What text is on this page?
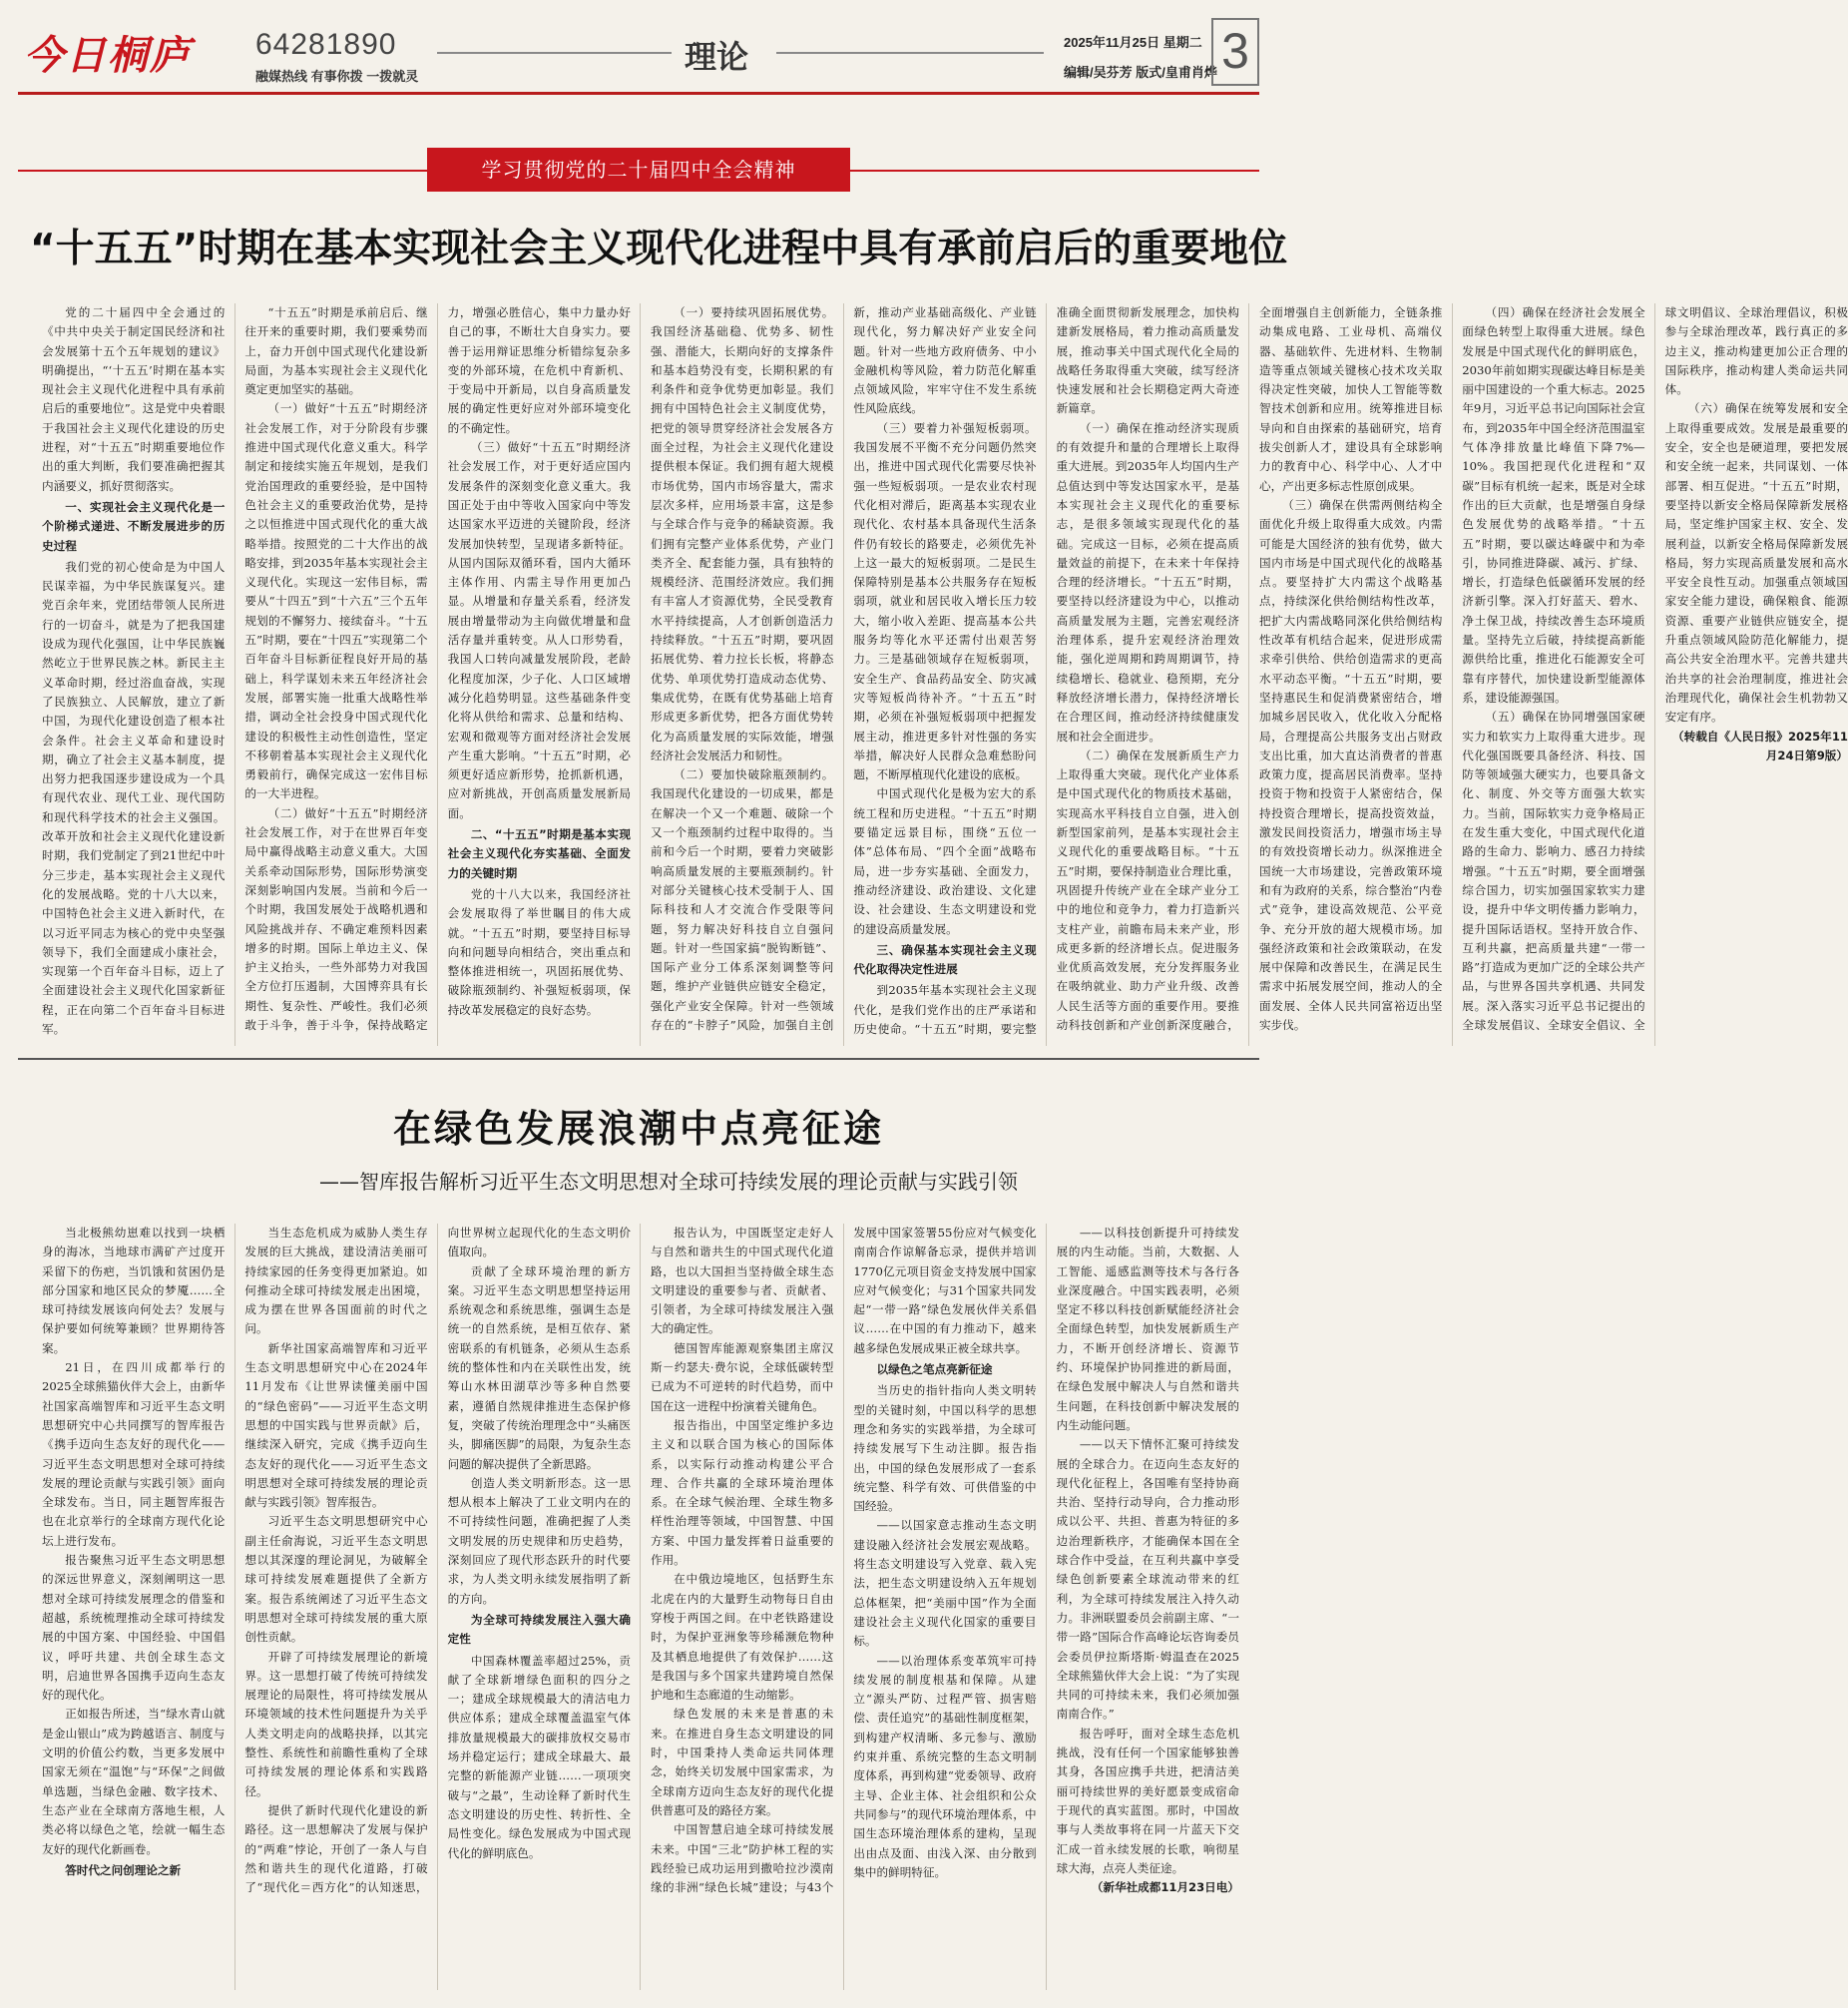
今日桐庐 64281890
融媒热线 有事你拨 一拨就灵
理论	2025年11月25日 星期二
编辑/吴芬芳 版式/皇甫肖烨 3
学习贯彻党的二十届四中全会精神
“十五五”时期在基本实现社会主义现代化进程中具有承前启后的重要地位

党的二十届四中全会通过的《中共中央关于制定国民经济和社会发展第十五个五年规划的建议》明确提出，“‘十五五’时期在基本实现社会主义现代化进程中具有承前启后的重要地位”。这是党中央着眼于我国社会主义现代化建设的历史进程，对“十五五”时期重要地位作出的重大判断，我们要准确把握其内涵要义，抓好贯彻落实。

一、实现社会主义现代化是一个阶梯式递进、不断发展进步的历史过程

我们党的初心使命是为中国人民谋幸福，为中华民族谋复兴。建党百余年来，党团结带领人民所进行的一切奋斗，就是为了把我国建设成为现代化强国，让中华民族巍然屹立于世界民族之林。新民主主义革命时期，经过浴血奋战，实现了民族独立、人民解放，建立了新中国，为现代化建设创造了根本社会条件。社会主义革命和建设时期，确立了社会主义基本制度，提出努力把我国逐步建设成为一个具有现代农业、现代工业、现代国防和现代科学技术的社会主义强国。改革开放和社会主义现代化建设新时期，我们党制定了到21世纪中叶分三步走，基本实现社会主义现代化的发展战略。党的十八大以来，中国特色社会主义进入新时代，在以习近平同志为核心的党中央坚强领导下，我们全面建成小康社会，实现第一个百年奋斗目标，迈上了全面建设社会主义现代化国家新征程，正在向第二个百年奋斗目标进军。

“十五五”时期是承前启后、继往开来的重要时期，我们要乘势而上，奋力开创中国式现代化建设新局面，为基本实现社会主义现代化奠定更加坚实的基础。

（一）做好“十五五”时期经济社会发展工作，对于分阶段有步骤推进中国式现代化意义重大。科学制定和接续实施五年规划，是我们党治国理政的重要经验，是中国特色社会主义的重要政治优势，是持之以恒推进中国式现代化的重大战略举措。按照党的二十大作出的战略安排，到2035年基本实现社会主义现代化。实现这一宏伟目标，需要从“十四五”到“十六五”三个五年规划的不懈努力、接续奋斗。“十五五”时期，要在“十四五”实现第二个百年奋斗目标新征程良好开局的基础上，科学谋划未来五年经济社会发展，部署实施一批重大战略性举措，调动全社会投身中国式现代化建设的积极性主动性创造性，坚定不移朝着基本实现社会主义现代化勇毅前行，确保完成这一宏伟目标的一大半进程。

（二）做好“十五五”时期经济社会发展工作，对于在世界百年变局中赢得战略主动意义重大。大国关系牵动国际形势，国际形势演变深刻影响国内发展。当前和今后一个时期，我国发展处于战略机遇和风险挑战并存、不确定难预料因素增多的时期。国际上单边主义、保护主义抬头，一些外部势力对我国全方位打压遏制，大国博弈具有长期性、复杂性、严峻性。我们必须敢于斗争，善于斗争，保持战略定力，增强必胜信心，集中力量办好自己的事，不断壮大自身实力。要善于运用辩证思维分析错综复杂多变的外部环境，在危机中育新机、于变局中开新局，以自身高质量发展的确定性更好应对外部环境变化的不确定性。

（三）做好“十五五”时期经济社会发展工作，对于更好适应国内发展条件的深刻变化意义重大。我国正处于由中等收入国家向中等发达国家水平迈进的关键阶段，经济发展加快转型，呈现诸多新特征。从国内国际双循环看，国内大循环主体作用、内需主导作用更加凸显。从增量和存量关系看，经济发展由增量带动为主向做优增量和盘活存量并重转变。从人口形势看，我国人口转向减量发展阶段，老龄化程度加深，少子化、人口区域增减分化趋势明显。这些基础条件变化将从供给和需求、总量和结构、宏观和微观等方面对经济社会发展产生重大影响。“十五五”时期，必须更好适应新形势，抢抓新机遇，应对新挑战，开创高质量发展新局面。

二、“十五五”时期是基本实现社会主义现代化夯实基础、全面发力的关键时期

党的十八大以来，我国经济社会发展取得了举世瞩目的伟大成就。“十五五”时期，要坚持目标导向和问题导向相结合，突出重点和整体推进相统一，巩固拓展优势、破除瓶颈制约、补强短板弱项，保持改革发展稳定的良好态势。

（一）要持续巩固拓展优势。我国经济基础稳、优势多、韧性强、潜能大，长期向好的支撑条件和基本趋势没有变，长期积累的有利条件和竞争优势更加彰显。我们拥有中国特色社会主义制度优势，把党的领导贯穿经济社会发展各方面全过程，为社会主义现代化建设提供根本保证。我们拥有超大规模市场优势，国内市场容量大，需求层次多样，应用场景丰富，这是参与全球合作与竞争的稀缺资源。我们拥有完整产业体系优势，产业门类齐全、配套能力强，具有独特的规模经济、范围经济效应。我们拥有丰富人才资源优势，全民受教育水平持续提高，人才创新创造活力持续释放。“十五五”时期，要巩固拓展优势、着力拉长长板，将静态优势、单项优势打造成动态优势、集成优势，在既有优势基础上培育形成更多新优势，把各方面优势转化为高质量发展的实际效能，增强经济社会发展活力和韧性。

（二）要加快破除瓶颈制约。我国现代化建设的一切成果，都是在解决一个又一个难题、破除一个又一个瓶颈制约过程中取得的。当前和今后一个时期，要着力突破影响高质量发展的主要瓶颈制约。针对部分关键核心技术受制于人、国际科技和人才交流合作受限等问题，努力解决好科技自立自强问题。针对一些国家搞“脱钩断链”、国际产业分工体系深刻调整等问题，维护产业链供应链安全稳定，强化产业安全保障。针对一些领域存在的“卡脖子”风险，加强自主创新，推动产业基础高级化、产业链现代化，努力解决好产业安全问题。针对一些地方政府债务、中小金融机构等风险，着力防范化解重点领域风险，牢牢守住不发生系统性风险底线。

（三）要着力补强短板弱项。我国发展不平衡不充分问题仍然突出，推进中国式现代化需要尽快补强一些短板弱项。一是农业农村现代化相对滞后，距离基本实现农业现代化、农村基本具备现代生活条件仍有较长的路要走，必须优先补上这一最大的短板弱项。二是民生保障特别是基本公共服务存在短板弱项，就业和居民收入增长压力较大，缩小收入差距、提高基本公共服务均等化水平还需付出艰苦努力。三是基础领域存在短板弱项，安全生产、食品药品安全、防灾减灾等短板尚待补齐。“十五五”时期，必须在补强短板弱项中把握发展主动，推进更多针对性强的务实举措，解决好人民群众急难愁盼问题，不断厚植现代化建设的底板。

中国式现代化是极为宏大的系统工程和历史进程。“十五五”时期要锚定远景目标，围绕“五位一体”总体布局、“四个全面”战略布局，进一步夯实基础、全面发力，推动经济建设、政治建设、文化建设、社会建设、生态文明建设和党的建设高质量发展。

三、确保基本实现社会主义现代化取得决定性进展

到2035年基本实现社会主义现代化，是我们党作出的庄严承诺和历史使命。“十五五”时期，要完整准确全面贯彻新发展理念，加快构建新发展格局，着力推动高质量发展，推动事关中国式现代化全局的战略任务取得重大突破，续写经济快速发展和社会长期稳定两大奇迹新篇章。

（一）确保在推动经济实现质的有效提升和量的合理增长上取得重大进展。到2035年人均国内生产总值达到中等发达国家水平，是基本实现社会主义现代化的重要标志，是很多领域实现现代化的基础。完成这一目标，必须在提高质量效益的前提下，在未来十年保持合理的经济增长。“十五五”时期，要坚持以经济建设为中心，以推动高质量发展为主题，完善宏观经济治理体系，提升宏观经济治理效能，强化逆周期和跨周期调节，持续稳增长、稳就业、稳预期，充分释放经济增长潜力，保持经济增长在合理区间，推动经济持续健康发展和社会全面进步。

（二）确保在发展新质生产力上取得重大突破。现代化产业体系是中国式现代化的物质技术基础，实现高水平科技自立自强，进入创新型国家前列，是基本实现社会主义现代化的重要战略目标。“十五五”时期，要保持制造业合理比重，巩固提升传统产业在全球产业分工中的地位和竞争力，着力打造新兴支柱产业，前瞻布局未来产业，形成更多新的经济增长点。促进服务业优质高效发展，充分发挥服务业在吸纳就业、助力产业升级、改善人民生活等方面的重要作用。要推动科技创新和产业创新深度融合，全面增强自主创新能力，全链条推动集成电路、工业母机、高端仪器、基础软件、先进材料、生物制造等重点领域关键核心技术攻关取得决定性突破，加快人工智能等数智技术创新和应用。统筹推进目标导向和自由探索的基础研究，培育拔尖创新人才，建设具有全球影响力的教育中心、科学中心、人才中心，产出更多标志性原创成果。

（三）确保在供需两侧结构全面优化升级上取得重大成效。内需可能是大国经济的独有优势，做大国内市场是中国式现代化的战略基点。要坚持扩大内需这个战略基点，持续深化供给侧结构性改革，把扩大内需战略同深化供给侧结构性改革有机结合起来，促进形成需求牵引供给、供给创造需求的更高水平动态平衡。“十五五”时期，要坚持惠民生和促消费紧密结合，增加城乡居民收入，优化收入分配格局，合理提高公共服务支出占财政支出比重，加大直达消费者的普惠政策力度，提高居民消费率。坚持投资于物和投资于人紧密结合，保持投资合理增长，提高投资效益，激发民间投资活力，增强市场主导的有效投资增长动力。纵深推进全国统一大市场建设，完善政策环境和有为政府的关系，综合整治“内卷式”竞争，建设高效规范、公平竞争、充分开放的超大规模市场。加强经济政策和社会政策联动，在发展中保障和改善民生，在满足民生需求中拓展发展空间，推动人的全面发展、全体人民共同富裕迈出坚实步伐。

（四）确保在经济社会发展全面绿色转型上取得重大进展。绿色发展是中国式现代化的鲜明底色，2030年前如期实现碳达峰目标是美丽中国建设的一个重大标志。2025年9月，习近平总书记向国际社会宣布，到2035年中国全经济范围温室气体净排放量比峰值下降7%—10%。我国把现代化进程和“双碳”目标有机统一起来，既是对全球作出的巨大贡献，也是增强自身绿色发展优势的战略举措。“十五五”时期，要以碳达峰碳中和为牵引，协同推进降碳、减污、扩绿、增长，打造绿色低碳循环发展的经济新引擎。深入打好蓝天、碧水、净土保卫战，持续改善生态环境质量。坚持先立后破，持续提高新能源供给比重，推进化石能源安全可靠有序替代，加快建设新型能源体系，建设能源强国。

（五）确保在协同增强国家硬实力和软实力上取得重大进步。现代化强国既要具备经济、科技、国防等领域强大硬实力，也要具备文化、制度、外交等方面强大软实力。当前，国际软实力竞争格局正在发生重大变化，中国式现代化道路的生命力、影响力、感召力持续增强。“十五五”时期，要全面增强综合国力，切实加强国家软实力建设，提升中华文明传播力影响力，提升国际话语权。坚持开放合作、互利共赢，把高质量共建“一带一路”打造成为更加广泛的全球公共产品，与世界各国共享机遇、共同发展。深入落实习近平总书记提出的全球发展倡议、全球安全倡议、全球文明倡议、全球治理倡议，积极参与全球治理改革，践行真正的多边主义，推动构建更加公正合理的国际秩序，推动构建人类命运共同体。

（六）确保在统筹发展和安全上取得重要成效。发展是最重要的安全，安全也是硬道理，要把发展和安全统一起来，共同谋划、一体部署、相互促进。“十五五”时期，要坚持以新安全格局保障新发展格局，坚定维护国家主权、安全、发展利益，以新安全格局保障新发展格局，努力实现高质量发展和高水平安全良性互动。加强重点领域国家安全能力建设，确保粮食、能源资源、重要产业链供应链安全，提升重点领域风险防范化解能力，提高公共安全治理水平。完善共建共治共享的社会治理制度，推进社会治理现代化，确保社会生机勃勃又安定有序。

（转载自《人民日报》2025年11月24日第9版）

在绿色发展浪潮中点亮征途
——智库报告解析习近平生态文明思想对全球可持续发展的理论贡献与实践引领

当北极熊幼崽难以找到一块栖身的海冰，当地球市满矿产过度开采留下的伤疤，当饥饿和贫困仍是部分国家和地区民众的梦魇……全球可持续发展该向何处去？发展与保护要如何统筹兼顾？世界期待答案。

21日，在四川成都举行的2025全球熊猫伙伴大会上，由新华社国家高端智库和习近平生态文明思想研究中心共同撰写的智库报告《携手迈向生态友好的现代化——习近平生态文明思想对全球可持续发展的理论贡献与实践引领》面向全球发布。当日，同主题智库报告也在北京举行的全球南方现代化论坛上进行发布。

报告聚焦习近平生态文明思想的深远世界意义，深刻阐明这一思想对全球可持续发展理念的借鉴和超越，系统梳理推动全球可持续发展的中国方案、中国经验、中国倡议，呼吁共建、共创全球生态文明，启迪世界各国携手迈向生态友好的现代化。

正如报告所述，当“绿水青山就是金山银山”成为跨越语言、制度与文明的价值公约数，当更多发展中国家无须在“温饱”与“环保”之间做单选题，当绿色金融、数字技术、生态产业在全球南方落地生根，人类必将以绿色之笔，绘就一幅生态友好的现代化新画卷。

答时代之问创理论之新

当生态危机成为威胁人类生存发展的巨大挑战，建设清洁美丽可持续家园的任务变得更加紧迫。如何推动全球可持续发展走出困境，成为摆在世界各国面前的时代之问。

新华社国家高端智库和习近平生态文明思想研究中心在2024年11月发布《让世界读懂美丽中国的“绿色密码”——习近平生态文明思想的中国实践与世界贡献》后，继续深入研究，完成《携手迈向生态友好的现代化——习近平生态文明思想对全球可持续发展的理论贡献与实践引领》智库报告。

习近平生态文明思想研究中心副主任俞海说，习近平生态文明思想以其深邃的理论洞见，为破解全球可持续发展难题提供了全新方案。报告系统阐述了习近平生态文明思想对全球可持续发展的重大原创性贡献。

开辟了可持续发展理论的新境界。这一思想打破了传统可持续发展理论的局限性，将可持续发展从环境领域的技术性问题提升为关乎人类文明走向的战略抉择，以其完整性、系统性和前瞻性重构了全球可持续发展的理论体系和实践路径。

提供了新时代现代化建设的新路径。这一思想解决了发展与保护的“两难”悖论，开创了一条人与自然和谐共生的现代化道路，打破了“现代化＝西方化”的认知迷思，向世界树立起现代化的生态文明价值取向。

贡献了全球环境治理的新方案。习近平生态文明思想坚持运用系统观念和系统思维，强调生态是统一的自然系统，是相互依存、紧密联系的有机链条，必须从生态系统的整体性和内在关联性出发，统筹山水林田湖草沙等多种自然要素，遵循自然规律推进生态保护修复，突破了传统治理理念中“头痛医头，脚痛医脚”的局限，为复杂生态问题的解决提供了全新思路。

创造人类文明新形态。这一思想从根本上解决了工业文明内在的不可持续性问题，准确把握了人类文明发展的历史规律和历史趋势，深刻回应了现代形态跃升的时代要求，为人类文明永续发展指明了新的方向。

为全球可持续发展注入强大确定性

中国森林覆盖率超过25%，贡献了全球新增绿色面积的四分之一；建成全球规模最大的清洁电力供应体系；建成全球覆盖温室气体排放量规模最大的碳排放权交易市场并稳定运行；建成全球最大、最完整的新能源产业链……一项项突破与“之最”，生动诠释了新时代生态文明建设的历史性、转折性、全局性变化。绿色发展成为中国式现代化的鲜明底色。

报告认为，中国既坚定走好人与自然和谐共生的中国式现代化道路，也以大国担当坚持做全球生态文明建设的重要参与者、贡献者、引领者，为全球可持续发展注入强大的确定性。

德国智库能源观察集团主席汉斯－约瑟夫·费尔说，全球低碳转型已成为不可逆转的时代趋势，而中国在这一进程中扮演着关键角色。

报告指出，中国坚定维护多边主义和以联合国为核心的国际体系，以实际行动推动构建公平合理、合作共赢的全球环境治理体系。在全球气候治理、全球生物多样性治理等领域，中国智慧、中国方案、中国力量发挥着日益重要的作用。

在中俄边境地区，包括野生东北虎在内的大量野生动物每日自由穿梭于两国之间。在中老铁路建设时，为保护亚洲象等珍稀濒危物种及其栖息地提供了有效保护……这是我国与多个国家共建跨境自然保护地和生态廊道的生动缩影。

绿色发展的未来是普惠的未来。在推进自身生态文明建设的同时，中国秉持人类命运共同体理念，始终关切发展中国家需求，为全球南方迈向生态友好的现代化提供普惠可及的路径方案。

中国智慧启迪全球可持续发展未来。中国“三北”防护林工程的实践经验已成功运用到撒哈拉沙漠南缘的非洲“绿色长城”建设；与43个发展中国家签署55份应对气候变化南南合作谅解备忘录，提供并培训1770亿元项目资金支持发展中国家应对气候变化；与31个国家共同发起“一带一路”绿色发展伙伴关系倡议……在中国的有力推动下，越来越多绿色发展成果正被全球共享。

以绿色之笔点亮新征途

当历史的指针指向人类文明转型的关键时刻，中国以科学的思想理念和务实的实践举措，为全球可持续发展写下生动注脚。报告指出，中国的绿色发展形成了一套系统完整、科学有效、可供借鉴的中国经验。

——以国家意志推动生态文明建设融入经济社会发展宏观战略。将生态文明建设写入党章、载入宪法，把生态文明建设纳入五年规划总体框架，把“美丽中国”作为全面建设社会主义现代化国家的重要目标。

——以治理体系变革筑牢可持续发展的制度根基和保障。从建立“源头严防、过程严管、损害赔偿、责任追究”的基础性制度框架，到构建产权清晰、多元参与、激励约束并重、系统完整的生态文明制度体系，再到构建“党委领导、政府主导、企业主体、社会组织和公众共同参与”的现代环境治理体系，中国生态环境治理体系的建构，呈现出由点及面、由浅入深、由分散到集中的鲜明特征。

——以科技创新提升可持续发展的内生动能。当前，大数据、人工智能、遥感监测等技术与各行各业深度融合。中国实践表明，必须坚定不移以科技创新赋能经济社会全面绿色转型，加快发展新质生产力，不断开创经济增长、资源节约、环境保护协同推进的新局面，在绿色发展中解决人与自然和谐共生问题，在科技创新中解决发展的内生动能问题。

——以天下情怀汇聚可持续发展的全球合力。在迈向生态友好的现代化征程上，各国唯有坚持协商共治、坚持行动导向，合力推动形成以公平、共担、普惠为特征的多边治理新秩序，才能确保本国在全球合作中受益，在互利共赢中享受绿色创新要素全球流动带来的红利，为全球可持续发展注入持久动力。非洲联盟委员会前副主席、“一带一路”国际合作高峰论坛咨询委员会委员伊拉斯塔斯·姆温查在2025全球熊猫伙伴大会上说：“为了实现共同的可持续未来，我们必须加强南南合作。”

报告呼吁，面对全球生态危机挑战，没有任何一个国家能够独善其身，各国应携手共进，把清洁美丽可持续世界的美好愿景变成宿命于现代的真实蓝图。那时，中国故事与人类故事将在同一片蓝天下交汇成一首永续发展的长歌，响彻星球大海，点亮人类征途。

（新华社成都11月23日电）
